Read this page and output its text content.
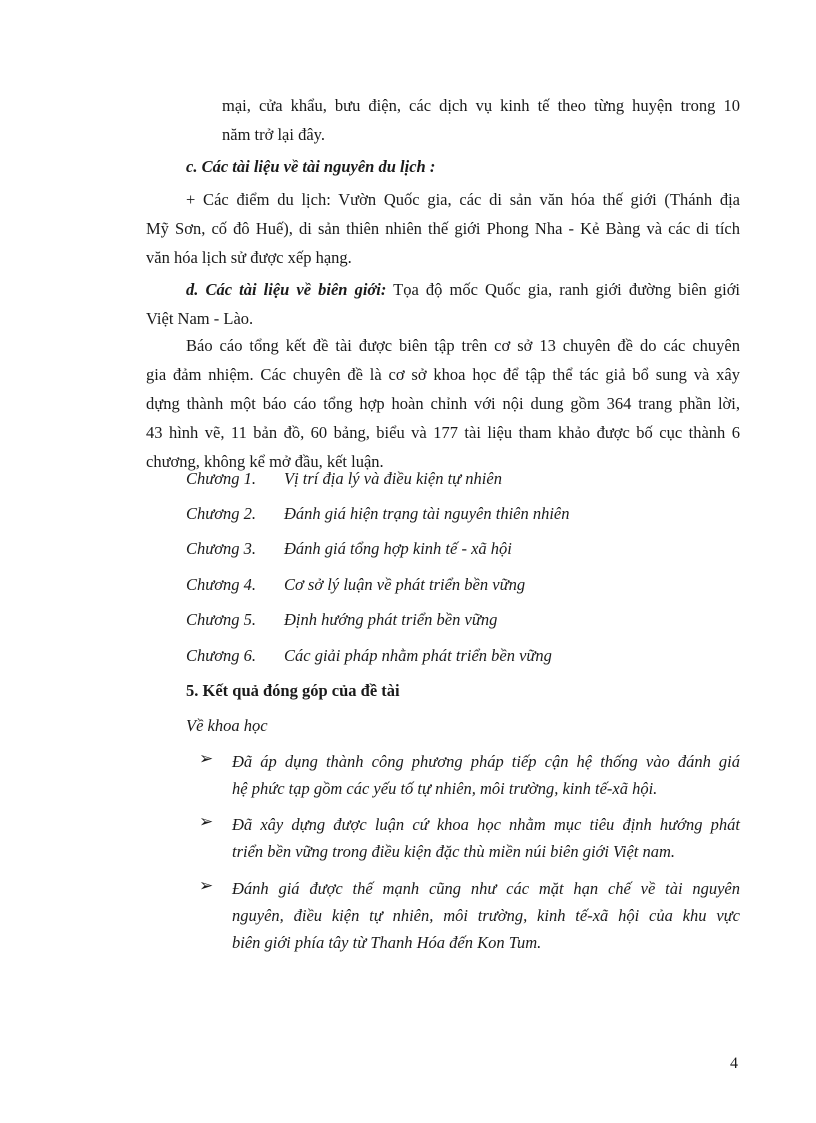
mại, cửa khẩu, bưu điện, các dịch vụ kinh tế theo từng huyện trong 10
năm trở lại đây.
c. Các tài liệu về tài nguyên du lịch :
+ Các điểm du lịch: Vườn Quốc gia, các di sản văn hóa thế giới (Thánh địa
Mỹ Sơn, cố đô Huế), di sản thiên nhiên thế giới Phong Nha - Kẻ Bàng và các di tích
văn hóa lịch sử được xếp hạng.
d. Các tài liệu về biên giới: Tọa độ mốc Quốc gia, ranh giới đường biên giới
Việt Nam - Lào.
Báo cáo tổng kết đề tài được biên tập trên cơ sở 13 chuyên đề do các chuyên
gia đảm nhiệm. Các chuyên đề là cơ sở khoa học để tập thể tác giả bổ sung và xây
dựng thành một báo cáo tổng hợp hoàn chỉnh với nội dung gồm 364 trang phần lời,
43 hình vẽ, 11 bản đồ, 60 bảng, biểu và 177 tài liệu tham khảo được bố cục thành 6
chương, không kể mở đầu, kết luận.
Chương 1. Vị trí địa lý và điều kiện tự nhiên
Chương 2. Đánh giá hiện trạng tài nguyên thiên nhiên
Chương 3. Đánh giá tổng hợp kinh tế - xã hội
Chương 4. Cơ sở lý luận về phát triển bền vững
Chương 5. Định hướng phát triển bền vững
Chương 6. Các giải pháp nhằm phát triển bền vững
5. Kết quả đóng góp của đề tài
Về khoa học
➢ Đã áp dụng thành công phương pháp tiếp cận hệ thống vào đánh giá
hệ phức tạp gồm các yếu tố tự nhiên, môi trường, kinh tế-xã hội.
➢ Đã xây dựng được luận cứ khoa học nhằm mục tiêu định hướng phát
triển bền vững trong điều kiện đặc thù miền núi biên giới Việt nam.
➢ Đánh giá được thế mạnh cũng như các mặt hạn chế về tài nguyên
nguyên, điều kiện tự nhiên, môi trường, kinh tế-xã hội của khu vực
biên giới phía tây từ Thanh Hóa đến Kon Tum.
4
